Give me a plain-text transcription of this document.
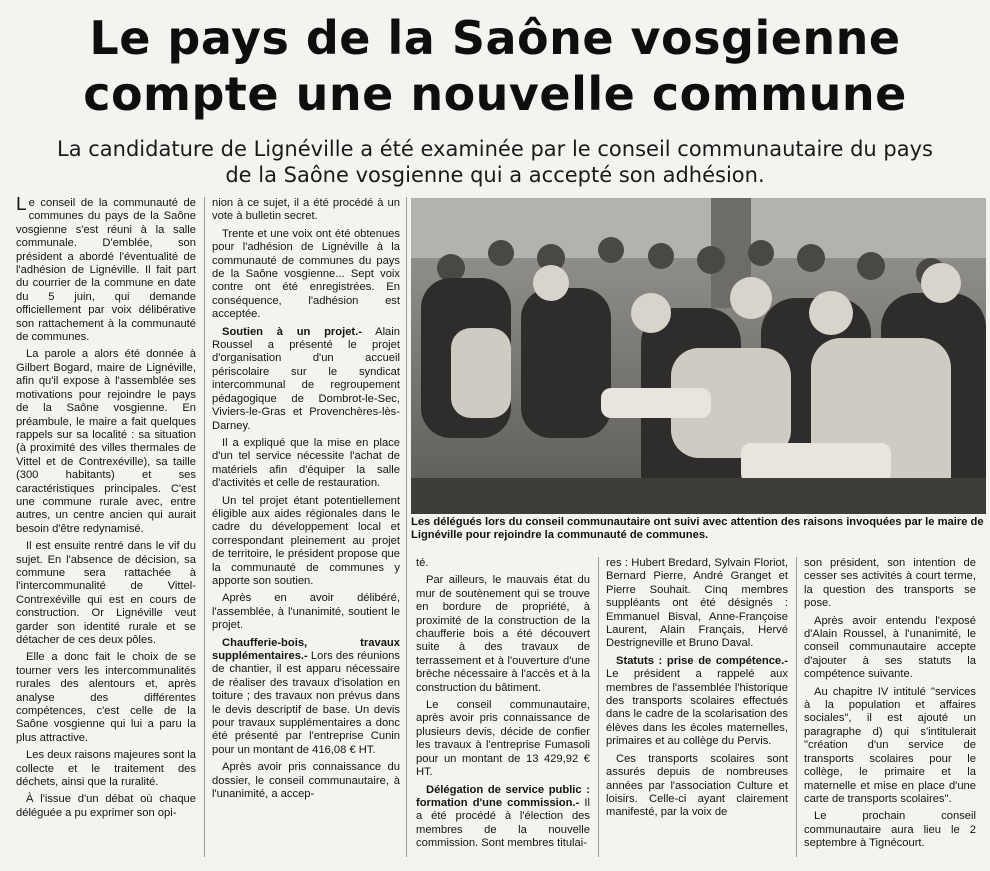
Le pays de la Saône vosgienne
compte une nouvelle commune
La candidature de Lignéville a été examinée par le conseil communautaire du pays
de la Saône vosgienne qui a accepté son adhésion.

Le conseil de la communauté de communes du pays de la Saône vosgienne s'est réuni à la salle communale. D'emblée, son président a abordé l'éventualité de l'adhésion de Lignéville. Il fait part du courrier de la commune en date du 5 juin, qui demande officiellement par voix délibérative son rattachement à la communauté de communes.

La parole a alors été donnée à Gilbert Bogard, maire de Lignéville, afin qu'il expose à l'assemblée ses motivations pour rejoindre le pays de la Saône vosgienne. En préambule, le maire a fait quelques rappels sur sa localité : sa situation (à proximité des villes thermales de Vittel et de Contrexéville), sa taille (300 habitants) et ses caractéristiques principales. C'est une commune rurale avec, entre autres, un centre ancien qui aurait besoin d'être redynamisé.

Il est ensuite rentré dans le vif du sujet. En l'absence de décision, sa commune sera rattachée à l'intercommunalité de Vittel-Contrexéville qui est en cours de construction. Or Lignéville veut garder son identité rurale et se détacher de ces deux pôles.

Elle a donc fait le choix de se tourner vers les intercommunalités rurales des alentours et, après analyse des différentes compétences, c'est celle de la Saône vosgienne qui lui a paru la plus attractive.

Les deux raisons majeures sont la collecte et le traitement des déchets, ainsi que la ruralité.

À l'issue d'un débat où chaque déléguée a pu exprimer son opi-

nion à ce sujet, il a été procédé à un vote à bulletin secret.

Trente et une voix ont été obtenues pour l'adhésion de Lignéville à la communauté de communes du pays de la Saône vosgienne... Sept voix contre ont été enregistrées. En conséquence, l'adhésion est acceptée.

Soutien à un projet.- Alain Roussel a présenté le projet d'organisation d'un accueil périscolaire sur le syndicat intercommunal de regroupement pédagogique de Dombrot-le-Sec, Viviers-le-Gras et Provenchères-lès-Darney.

Il a expliqué que la mise en place d'un tel service nécessite l'achat de matériels afin d'équiper la salle d'activités et celle de restauration.

Un tel projet étant potentiellement éligible aux aides régionales dans le cadre du développement local et correspondant pleinement au projet de territoire, le président propose que la communauté de communes y apporte son soutien.

Après en avoir délibéré, l'assemblée, à l'unanimité, soutient le projet.

Chaufferie-bois, travaux supplémentaires.- Lors des réunions de chantier, il est apparu nécessaire de réaliser des travaux d'isolation en toiture ; des travaux non prévus dans le devis descriptif de base. Un devis pour travaux supplémentaires a donc été présenté par l'entreprise Cunin pour un montant de 416,08 € HT.

Après avoir pris connaissance du dossier, le conseil communautaire, à l'unanimité, a accep-

Les délégués lors du conseil communautaire ont suivi avec attention des raisons invoquées par le maire de Lignéville pour rejoindre la communauté de communes.

té.

Par ailleurs, le mauvais état du mur de soutènement qui se trouve en bordure de propriété, à proximité de la construction de la chaufferie bois a été découvert suite à des travaux de terrassement et à l'ouverture d'une brèche nécessaire à l'accès et à la construction du bâtiment.

Le conseil communautaire, après avoir pris connaissance de plusieurs devis, décide de confier les travaux à l'entreprise Fumasoli pour un montant de 13 429,92 € HT.

Délégation de service public : formation d'une commission.- Il a été procédé à l'élection des membres de la nouvelle commission. Sont membres titulai-

res : Hubert Bredard, Sylvain Floriot, Bernard Pierre, André Granget et Pierre Souhait. Cinq membres suppléants ont été désignés : Emmanuel Bisval, Anne-Françoise Laurent, Alain Français, Hervé Destrigneville et Bruno Daval.

Statuts : prise de compétence.- Le président a rappelé aux membres de l'assemblée l'historique des transports scolaires effectués dans le cadre de la scolarisation des élèves dans les écoles maternelles, primaires et au collège du Pervis.

Ces transports scolaires sont assurés depuis de nombreuses années par l'association Culture et loisirs. Celle-ci ayant clairement manifesté, par la voix de

son président, son intention de cesser ses activités à court terme, la question des transports se pose.

Après avoir entendu l'exposé d'Alain Roussel, à l'unanimité, le conseil communautaire accepte d'ajouter à ses statuts la compétence suivante.

Au chapitre IV intitulé "services à la population et affaires sociales", il est ajouté un paragraphe d) qui s'intitulerait "création d'un service de transports scolaires pour le collège, le primaire et la maternelle et mise en place d'une carte de transports scolaires".

Le prochain conseil communautaire aura lieu le 2 septembre à Tignécourt.
